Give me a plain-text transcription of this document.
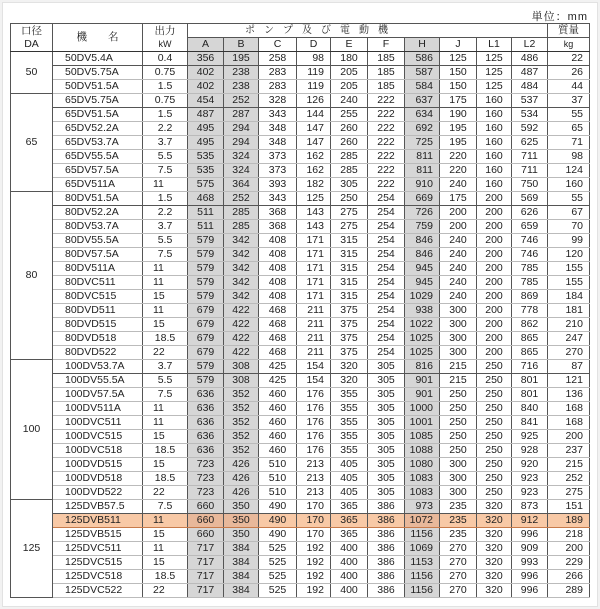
単位：mm
口径
DA	機　　名	出力
kW	ポンプ及び電動機										質量
			A	B	C	D	E	F	H	J	L1	L2	kg
50	50DV5.4A	0.4	356	195	258	98	180	185	586	125	125	486	22
	50DV5.75A	0.75	402	238	283	119	205	185	587	150	125	487	26
	50DV51.5A	1.5	402	238	283	119	205	185	584	150	125	484	44
65	65DV5.75A	0.75	454	252	328	126	240	222	637	175	160	537	37
	65DV51.5A	1.5	487	287	343	144	255	222	634	190	160	534	55
	65DV52.2A	2.2	495	294	348	147	260	222	692	195	160	592	65
	65DV53.7A	3.7	495	294	348	147	260	222	725	195	160	625	71
	65DV55.5A	5.5	535	324	373	162	285	222	811	220	160	711	98
	65DV57.5A	7.5	535	324	373	162	285	222	811	220	160	711	124
	65DV511A	11	575	364	393	182	305	222	910	240	160	750	160
80	80DV51.5A	1.5	468	252	343	125	250	254	669	175	200	569	55
	80DV52.2A	2.2	511	285	368	143	275	254	726	200	200	626	67
	80DV53.7A	3.7	511	285	368	143	275	254	759	200	200	659	70
	80DV55.5A	5.5	579	342	408	171	315	254	846	240	200	746	99
	80DV57.5A	7.5	579	342	408	171	315	254	846	240	200	746	120
	80DV511A	11	579	342	408	171	315	254	945	240	200	785	155
	80DVC511	11	579	342	408	171	315	254	945	240	200	785	155
	80DVC515	15	579	342	408	171	315	254	1029	240	200	869	184
	80DVD511	11	679	422	468	211	375	254	938	300	200	778	181
	80DVD515	15	679	422	468	211	375	254	1022	300	200	862	210
	80DVD518	18.5	679	422	468	211	375	254	1025	300	200	865	247
	80DVD522	22	679	422	468	211	375	254	1025	300	200	865	270
100	100DV53.7A	3.7	579	308	425	154	320	305	816	215	250	716	87
	100DV55.5A	5.5	579	308	425	154	320	305	901	215	250	801	121
	100DV57.5A	7.5	636	352	460	176	355	305	901	250	250	801	136
	100DV511A	11	636	352	460	176	355	305	1000	250	250	840	168
	100DVC511	11	636	352	460	176	355	305	1001	250	250	841	168
	100DVC515	15	636	352	460	176	355	305	1085	250	250	925	200
	100DVC518	18.5	636	352	460	176	355	305	1088	250	250	928	237
	100DVD515	15	723	426	510	213	405	305	1080	300	250	920	215
	100DVD518	18.5	723	426	510	213	405	305	1083	300	250	923	252
	100DVD522	22	723	426	510	213	405	305	1083	300	250	923	275
125	125DVB57.5	7.5	660	350	490	170	365	386	973	235	320	873	151
	125DVB511	11	660	350	490	170	365	386	1072	235	320	912	189
	125DVB515	15	660	350	490	170	365	386	1156	235	320	996	218
	125DVC511	11	717	384	525	192	400	386	1069	270	320	909	200
	125DVC515	15	717	384	525	192	400	386	1153	270	320	993	229
	125DVC518	18.5	717	384	525	192	400	386	1156	270	320	996	266
	125DVC522	22	717	384	525	192	400	386	1156	270	320	996	289
